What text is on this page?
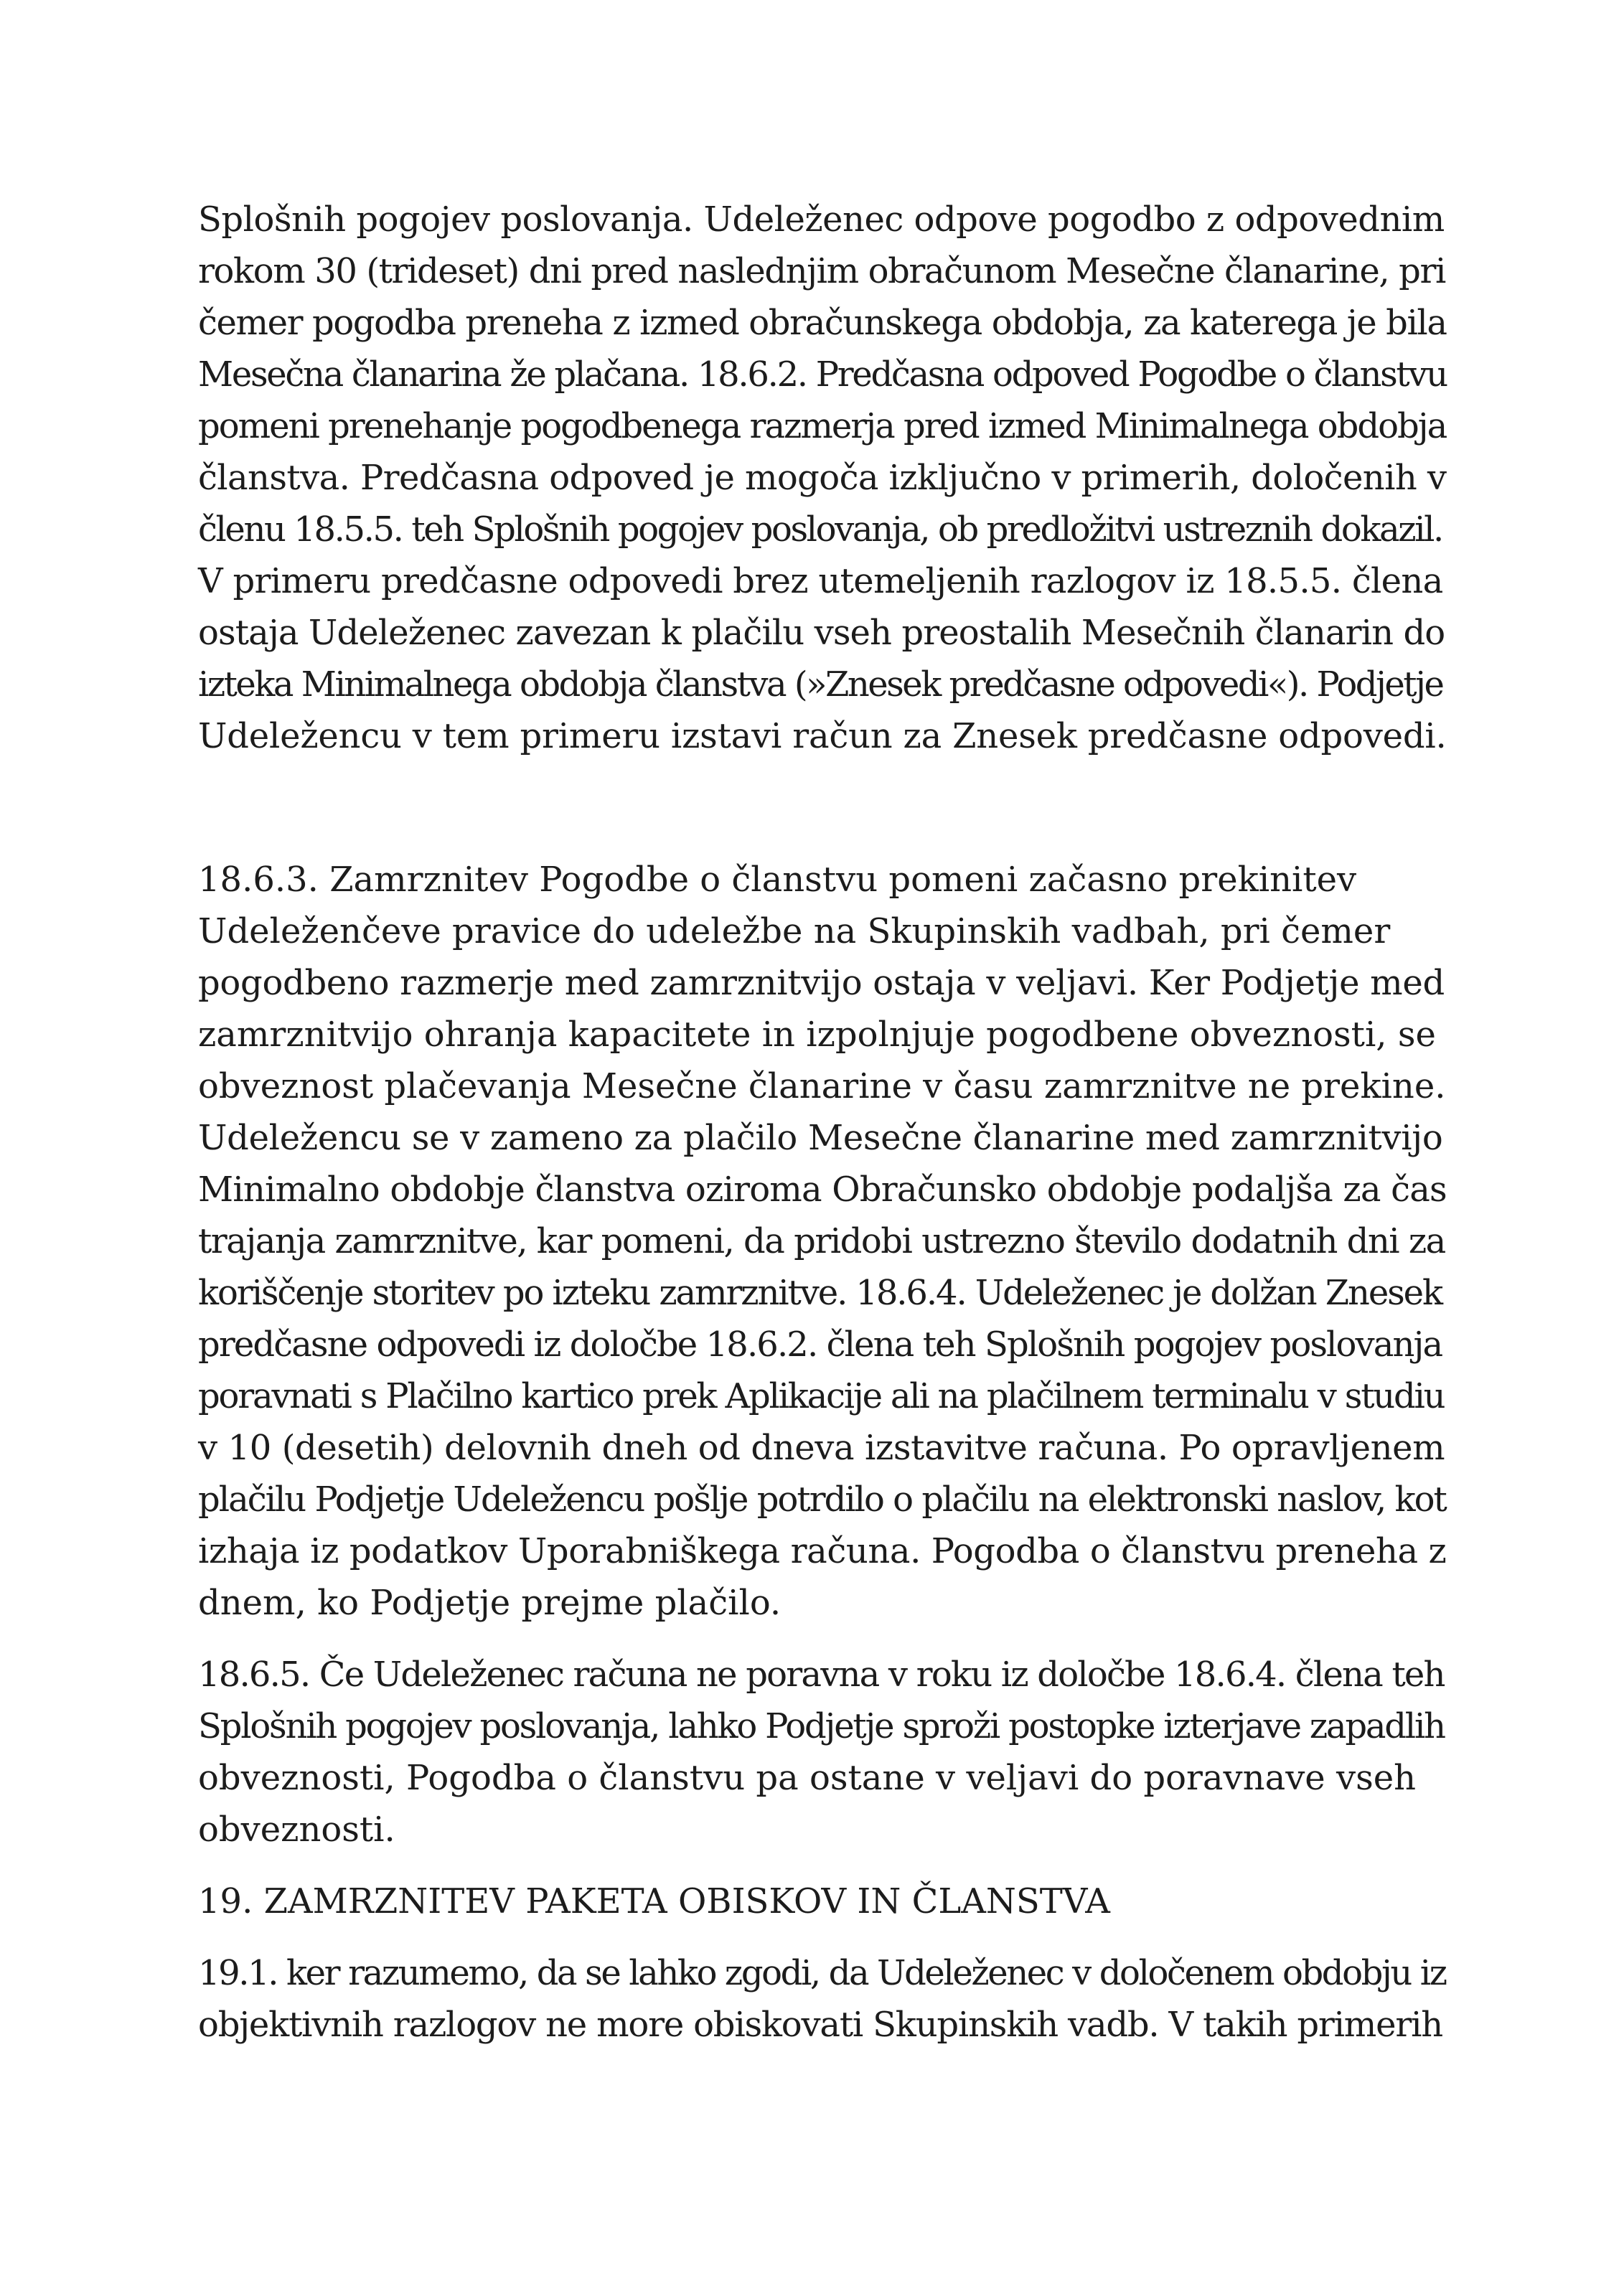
Splošnih pogojev poslovanja. Udeleženec odpove pogodbo z odpovednim
rokom 30 (trideset) dni pred naslednjim obračunom Mesečne članarine, pri
čemer pogodba preneha z izmed obračunskega obdobja, za katerega je bila
Mesečna članarina že plačana. 18.6.2. Predčasna odpoved Pogodbe o članstvu
pomeni prenehanje pogodbenega razmerja pred izmed Minimalnega obdobja
članstva. Predčasna odpoved je mogoča izključno v primerih, določenih v
členu 18.5.5. teh Splošnih pogojev poslovanja, ob predložitvi ustreznih dokazil.
V primeru predčasne odpovedi brez utemeljenih razlogov iz 18.5.5. člena
ostaja Udeleženec zavezan k plačilu vseh preostalih Mesečnih članarin do
izteka Minimalnega obdobja članstva (»Znesek predčasne odpovedi«). Podjetje
Udeležencu v tem primeru izstavi račun za Znesek predčasne odpovedi.
18.6.3. Zamrznitev Pogodbe o članstvu pomeni začasno prekinitev
Udeleženčeve pravice do udeležbe na Skupinskih vadbah, pri čemer
pogodbeno razmerje med zamrznitvijo ostaja v veljavi. Ker Podjetje med
zamrznitvijo ohranja kapacitete in izpolnjuje pogodbene obveznosti, se
obveznost plačevanja Mesečne članarine v času zamrznitve ne prekine.
Udeležencu se v zameno za plačilo Mesečne članarine med zamrznitvijo
Minimalno obdobje članstva oziroma Obračunsko obdobje podaljša za čas
trajanja zamrznitve, kar pomeni, da pridobi ustrezno število dodatnih dni za
koriščenje storitev po izteku zamrznitve. 18.6.4. Udeleženec je dolžan Znesek
predčasne odpovedi iz določbe 18.6.2. člena teh Splošnih pogojev poslovanja
poravnati s Plačilno kartico prek Aplikacije ali na plačilnem terminalu v studiu
v 10 (desetih) delovnih dneh od dneva izstavitve računa. Po opravljenem
plačilu Podjetje Udeležencu pošlje potrdilo o plačilu na elektronski naslov, kot
izhaja iz podatkov Uporabniškega računa. Pogodba o članstvu preneha z
dnem, ko Podjetje prejme plačilo.
18.6.5. Če Udeleženec računa ne poravna v roku iz določbe 18.6.4. člena teh
Splošnih pogojev poslovanja, lahko Podjetje sproži postopke izterjave zapadlih
obveznosti, Pogodba o članstvu pa ostane v veljavi do poravnave vseh
obveznosti.
19. ZAMRZNITEV PAKETA OBISKOV IN ČLANSTVA
19.1. ker razumemo, da se lahko zgodi, da Udeleženec v določenem obdobju iz
objektivnih razlogov ne more obiskovati Skupinskih vadb. V takih primerih
